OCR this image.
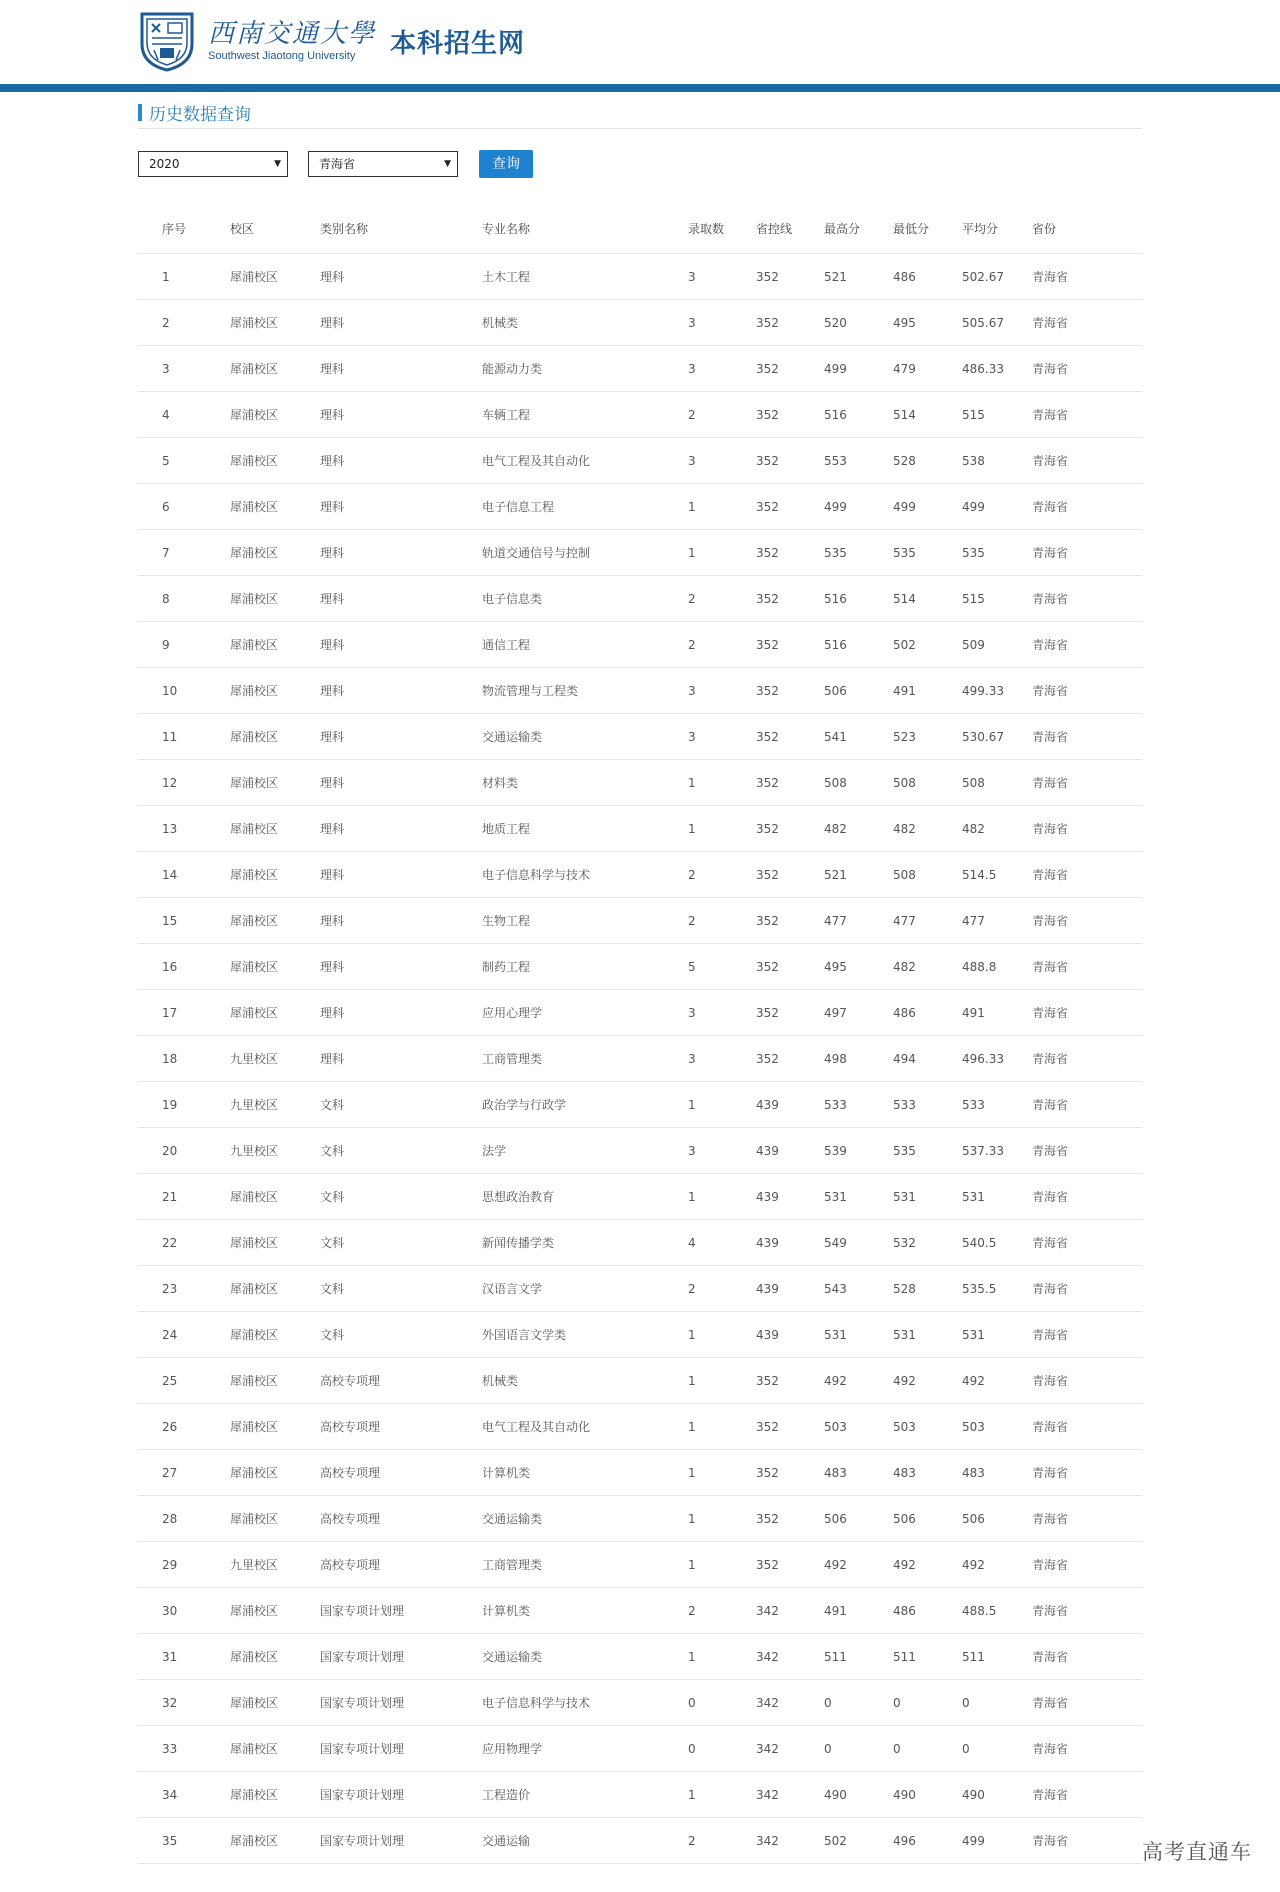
西南交通大學
Southwest Jiaotong University	本科招生网
历史数据查询
2020	▼	青海省	▼	查询
序号	校区	类别名称	专业名称	录取数	省控线	最高分	最低分	平均分	省份
1	犀浦校区	理科	土木工程	3	352	521	486	502.67	青海省
2	犀浦校区	理科	机械类	3	352	520	495	505.67	青海省
3	犀浦校区	理科	能源动力类	3	352	499	479	486.33	青海省
4	犀浦校区	理科	车辆工程	2	352	516	514	515	青海省
5	犀浦校区	理科	电气工程及其自动化	3	352	553	528	538	青海省
6	犀浦校区	理科	电子信息工程	1	352	499	499	499	青海省
7	犀浦校区	理科	轨道交通信号与控制	1	352	535	535	535	青海省
8	犀浦校区	理科	电子信息类	2	352	516	514	515	青海省
9	犀浦校区	理科	通信工程	2	352	516	502	509	青海省
10	犀浦校区	理科	物流管理与工程类	3	352	506	491	499.33	青海省
11	犀浦校区	理科	交通运输类	3	352	541	523	530.67	青海省
12	犀浦校区	理科	材料类	1	352	508	508	508	青海省
13	犀浦校区	理科	地质工程	1	352	482	482	482	青海省
14	犀浦校区	理科	电子信息科学与技术	2	352	521	508	514.5	青海省
15	犀浦校区	理科	生物工程	2	352	477	477	477	青海省
16	犀浦校区	理科	制药工程	5	352	495	482	488.8	青海省
17	犀浦校区	理科	应用心理学	3	352	497	486	491	青海省
18	九里校区	理科	工商管理类	3	352	498	494	496.33	青海省
19	九里校区	文科	政治学与行政学	1	439	533	533	533	青海省
20	九里校区	文科	法学	3	439	539	535	537.33	青海省
21	犀浦校区	文科	思想政治教育	1	439	531	531	531	青海省
22	犀浦校区	文科	新闻传播学类	4	439	549	532	540.5	青海省
23	犀浦校区	文科	汉语言文学	2	439	543	528	535.5	青海省
24	犀浦校区	文科	外国语言文学类	1	439	531	531	531	青海省
25	犀浦校区	高校专项理	机械类	1	352	492	492	492	青海省
26	犀浦校区	高校专项理	电气工程及其自动化	1	352	503	503	503	青海省
27	犀浦校区	高校专项理	计算机类	1	352	483	483	483	青海省
28	犀浦校区	高校专项理	交通运输类	1	352	506	506	506	青海省
29	九里校区	高校专项理	工商管理类	1	352	492	492	492	青海省
30	犀浦校区	国家专项计划理	计算机类	2	342	491	486	488.5	青海省
31	犀浦校区	国家专项计划理	交通运输类	1	342	511	511	511	青海省
32	犀浦校区	国家专项计划理	电子信息科学与技术	0	342	0	0	0	青海省
33	犀浦校区	国家专项计划理	应用物理学	0	342	0	0	0	青海省
34	犀浦校区	国家专项计划理	工程造价	1	342	490	490	490	青海省
35	犀浦校区	国家专项计划理	交通运输	2	342	502	496	499	青海省	高考直通车
